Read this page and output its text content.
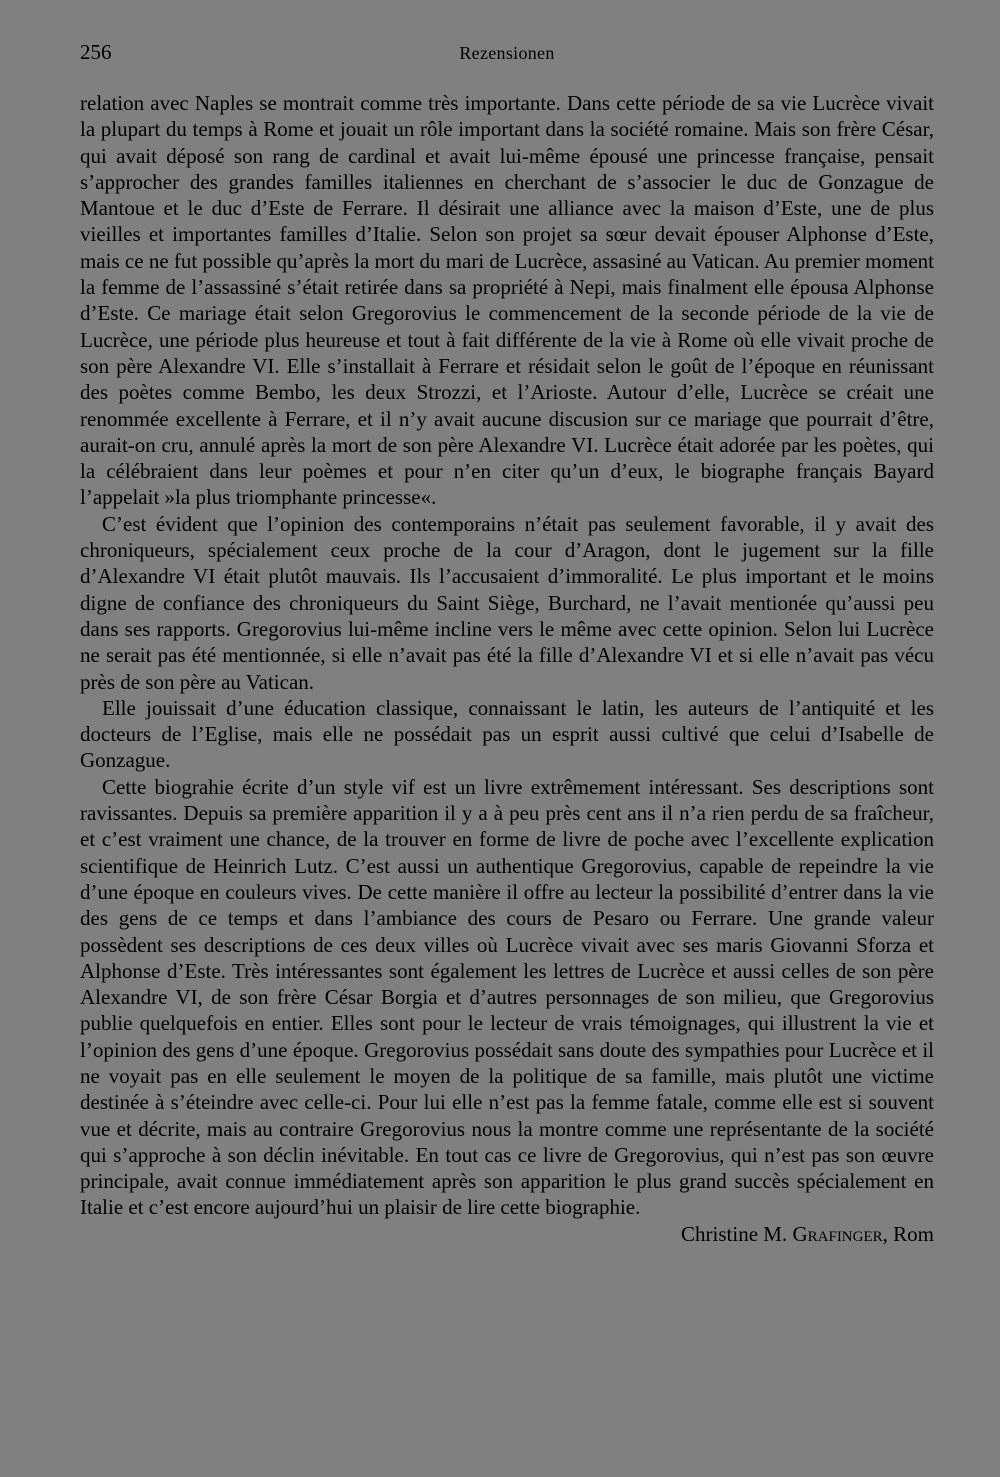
256	Rezensionen

relation avec Naples se montrait comme très importante. Dans cette période de sa vie Lucrèce vivait la plupart du temps à Rome et jouait un rôle important dans la société romaine. Mais son frère César, qui avait déposé son rang de cardinal et avait lui-même épousé une princesse française, pensait s’approcher des grandes familles italiennes en cherchant de s’associer le duc de Gonzague de Mantoue et le duc d’Este de Ferrare. Il désirait une alliance avec la maison d’Este, une de plus vieilles et importantes familles d’Italie. Selon son projet sa sœur devait épouser Alphonse d’Este, mais ce ne fut possible qu’après la mort du mari de Lucrèce, assasiné au Vatican. Au premier moment la femme de l’assassiné s’était retirée dans sa propriété à Nepi, mais finalment elle épousa Alphonse d’Este. Ce mariage était selon Gregorovius le commencement de la seconde période de la vie de Lucrèce, une période plus heureuse et tout à fait différente de la vie à Rome où elle vivait proche de son père Alexandre VI. Elle s’installait à Ferrare et résidait selon le goût de l’époque en réunissant des poètes comme Bembo, les deux Strozzi, et l’Arioste. Autour d’elle, Lucrèce se créait une renommée excellente à Ferrare, et il n’y avait aucune discusion sur ce mariage que pourrait d’être, aurait-on cru, annulé après la mort de son père Alexandre VI. Lucrèce était adorée par les poètes, qui la célébraient dans leur poèmes et pour n’en citer qu’un d’eux, le biographe français Bayard l’appelait »la plus triomphante princesse«.

C’est évident que l’opinion des contemporains n’était pas seulement favorable, il y avait des chroniqueurs, spécialement ceux proche de la cour d’Aragon, dont le jugement sur la fille d’Alexandre VI était plutôt mauvais. Ils l’accusaient d’immoralité. Le plus important et le moins digne de confiance des chroniqueurs du Saint Siège, Burchard, ne l’avait mentionée qu’aussi peu dans ses rapports. Gregorovius lui-même incline vers le même avec cette opinion. Selon lui Lucrèce ne serait pas été mentionnée, si elle n’avait pas été la fille d’Alexandre VI et si elle n’avait pas vécu près de son père au Vatican.

Elle jouissait d’une éducation classique, connaissant le latin, les auteurs de l’antiquité et les docteurs de l’Eglise, mais elle ne possédait pas un esprit aussi cultivé que celui d’Isabelle de Gonzague.

Cette biograhie écrite d’un style vif est un livre extrêmement intéressant. Ses descriptions sont ravissantes. Depuis sa première apparition il y a à peu près cent ans il n’a rien perdu de sa fraîcheur, et c’est vraiment une chance, de la trouver en forme de livre de poche avec l’excellente explication scientifique de Heinrich Lutz. C’est aussi un authentique Gregorovius, capable de repeindre la vie d’une époque en couleurs vives. De cette manière il offre au lecteur la possibilité d’entrer dans la vie des gens de ce temps et dans l’ambiance des cours de Pesaro ou Ferrare. Une grande valeur possèdent ses descriptions de ces deux villes où Lucrèce vivait avec ses maris Giovanni Sforza et Alphonse d’Este. Très intéressantes sont également les lettres de Lucrèce et aussi celles de son père Alexandre VI, de son frère César Borgia et d’autres personnages de son milieu, que Gregorovius publie quelquefois en entier. Elles sont pour le lecteur de vrais témoignages, qui illustrent la vie et l’opinion des gens d’une époque. Gregorovius possédait sans doute des sympathies pour Lucrèce et il ne voyait pas en elle seulement le moyen de la politique de sa famille, mais plutôt une victime destinée à s’éteindre avec celle-ci. Pour lui elle n’est pas la femme fatale, comme elle est si souvent vue et décrite, mais au contraire Gregorovius nous la montre comme une représentante de la société qui s’approche à son déclin inévitable. En tout cas ce livre de Gregorovius, qui n’est pas son œuvre principale, avait connue immédiatement après son apparition le plus grand succès spécialement en Italie et c’est encore aujourd’hui un plaisir de lire cette biographie.

Christine M. Grafinger, Rom
